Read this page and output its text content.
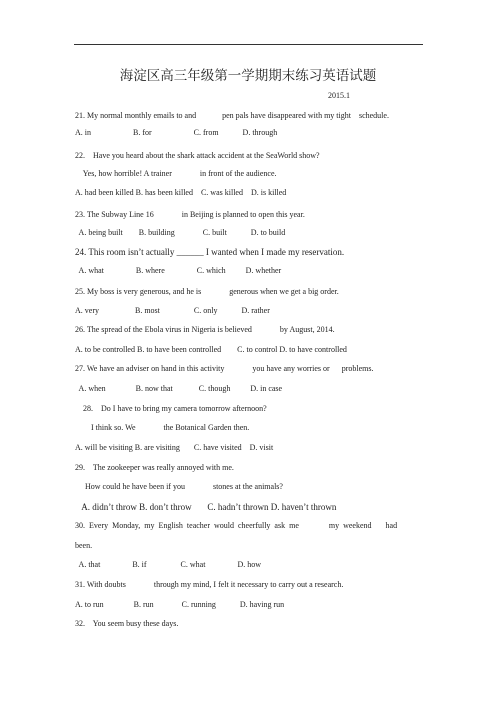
海淀区高三年级第一学期期末练习英语试题
2015.1
21. My normal monthly emails to and             pen pals have disappeared with my tight    schedule.
A. in                     B. for                     C. from            D. through
22.    Have you heard about the shark attack accident at the SeaWorld show?
Yes, how horrible! A trainer              in front of the audience.
A. had been killed B. has been killed    C. was killed    D. is killed
23. The Subway Line 16              in Beijing is planned to open this year.
A. being built        B. building              C. built            D. to build
24. This room isn’t actually ______ I wanted when I made my reservation.
A. what                B. where                C. which          D. whether
25. My boss is very generous, and he is              generous when we get a big order.
A. very                  B. most                 C. only            D. rather
26. The spread of the Ebola virus in Nigeria is believed              by August, 2014.
A. to be controlled B. to have been controlled        C. to control D. to have controlled
27. We have an adviser on hand in this activity              you have any worries or      problems.
A. when               B. now that             C. though          D. in case
28.    Do I have to bring my camera tomorrow afternoon?
I think so. We              the Botanical Garden then.
A. will be visiting B. are visiting       C. have visited    D. visit
29.    The zookeeper was really annoyed with me.
How could he have been if you              stones at the animals?
A. didn’t throw B. don’t throw       C. hadn’t thrown D. haven’t thrown
30.  Every  Monday,  my  English  teacher  would  cheerfully  ask  me               my  weekend       had
been.
A. that                B. if                 C. what                D. how
31. With doubts              through my mind, I felt it necessary to carry out a research.
A. to run               B. run              C. running            D. having run
32.    You seem busy these days.
